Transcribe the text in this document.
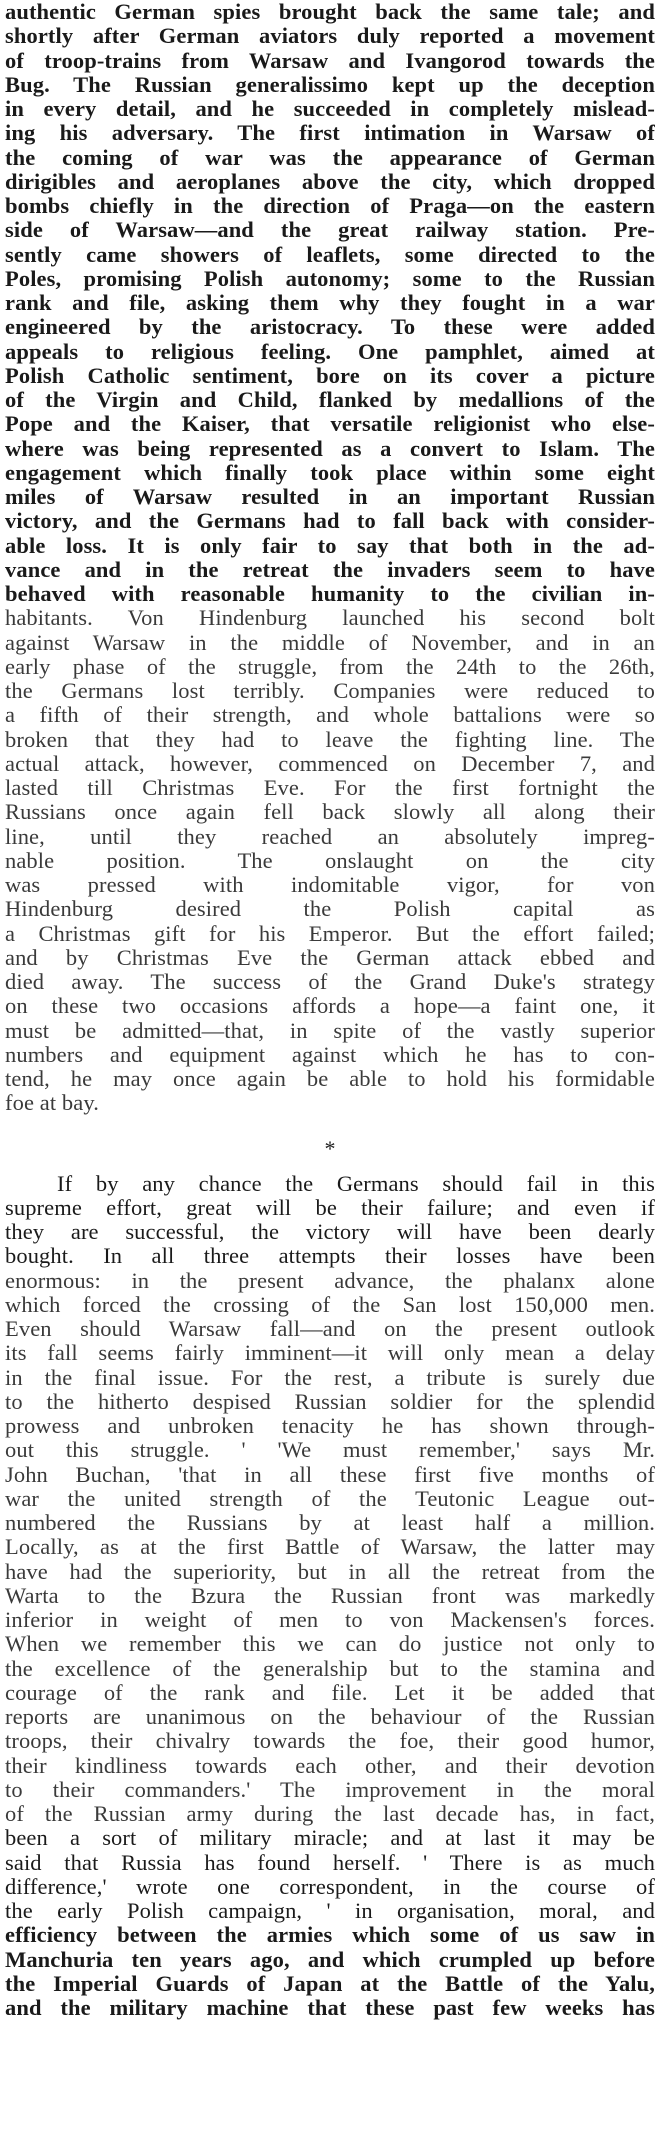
authentic German spies brought back the same tale; and
shortly after German aviators duly reported a movement
of troop-trains from Warsaw and Ivangorod towards the
Bug. The Russian generalissimo kept up the deception
in every detail, and he succeeded in completely mislead-
ing his adversary. The first intimation in Warsaw of
the coming of war was the appearance of German
dirigibles and aeroplanes above the city, which dropped
bombs chiefly in the direction of Praga—on the eastern
side of Warsaw—and the great railway station. Pre-
sently came showers of leaflets, some directed to the
Poles, promising Polish autonomy; some to the Russian
rank and file, asking them why they fought in a war
engineered by the aristocracy. To these were added
appeals to religious feeling. One pamphlet, aimed at
Polish Catholic sentiment, bore on its cover a picture
of the Virgin and Child, flanked by medallions of the
Pope and the Kaiser, that versatile religionist who else-
where was being represented as a convert to Islam. The
engagement which finally took place within some eight
miles of Warsaw resulted in an important Russian
victory, and the Germans had to fall back with consider-
able loss. It is only fair to say that both in the ad-
vance and in the retreat the invaders seem to have
behaved with reasonable humanity to the civilian in-
habitants. Von Hindenburg launched his second bolt
against Warsaw in the middle of November, and in an
early phase of the struggle, from the 24th to the 26th,
the Germans lost terribly. Companies were reduced to
a fifth of their strength, and whole battalions were so
broken that they had to leave the fighting line. The
actual attack, however, commenced on December 7, and
lasted till Christmas Eve. For the first fortnight the
Russians once again fell back slowly all along their
line, until they reached an absolutely impreg-
nable position. The onslaught on the city
was pressed with indomitable vigor, for von
Hindenburg desired the Polish capital as
a Christmas gift for his Emperor. But the effort failed;
and by Christmas Eve the German attack ebbed and
died away. The success of the Grand Duke's strategy
on these two occasions affords a hope—a faint one, it
must be admitted—that, in spite of the vastly superior
numbers and equipment against which he has to con-
tend, he may once again be able to hold his formidable
foe at bay.

*

If by any chance the Germans should fail in this
supreme effort, great will be their failure; and even if
they are successful, the victory will have been dearly
bought. In all three attempts their losses have been
enormous: in the present advance, the phalanx alone
which forced the crossing of the San lost 150,000 men.
Even should Warsaw fall—and on the present outlook
its fall seems fairly imminent—it will only mean a delay
in the final issue. For the rest, a tribute is surely due
to the hitherto despised Russian soldier for the splendid
prowess and unbroken tenacity he has shown through-
out this struggle. ' 'We must remember,' says Mr.
John Buchan, 'that in all these first five months of
war the united strength of the Teutonic League out-
numbered the Russians by at least half a million.
Locally, as at the first Battle of Warsaw, the latter may
have had the superiority, but in all the retreat from the
Warta to the Bzura the Russian front was markedly
inferior in weight of men to von Mackensen's forces.
When we remember this we can do justice not only to
the excellence of the generalship but to the stamina and
courage of the rank and file. Let it be added that
reports are unanimous on the behaviour of the Russian
troops, their chivalry towards the foe, their good humor,
their kindliness towards each other, and their devotion
to their commanders.' The improvement in the moral
of the Russian army during the last decade has, in fact,
been a sort of military miracle; and at last it may be
said that Russia has found herself. ' There is as much
difference,' wrote one correspondent, in the course of
the early Polish campaign, ' in organisation, moral, and
efficiency between the armies which some of us saw in
Manchuria ten years ago, and which crumpled up before
the Imperial Guards of Japan at the Battle of the Yalu,
and the military machine that these past few weeks has
